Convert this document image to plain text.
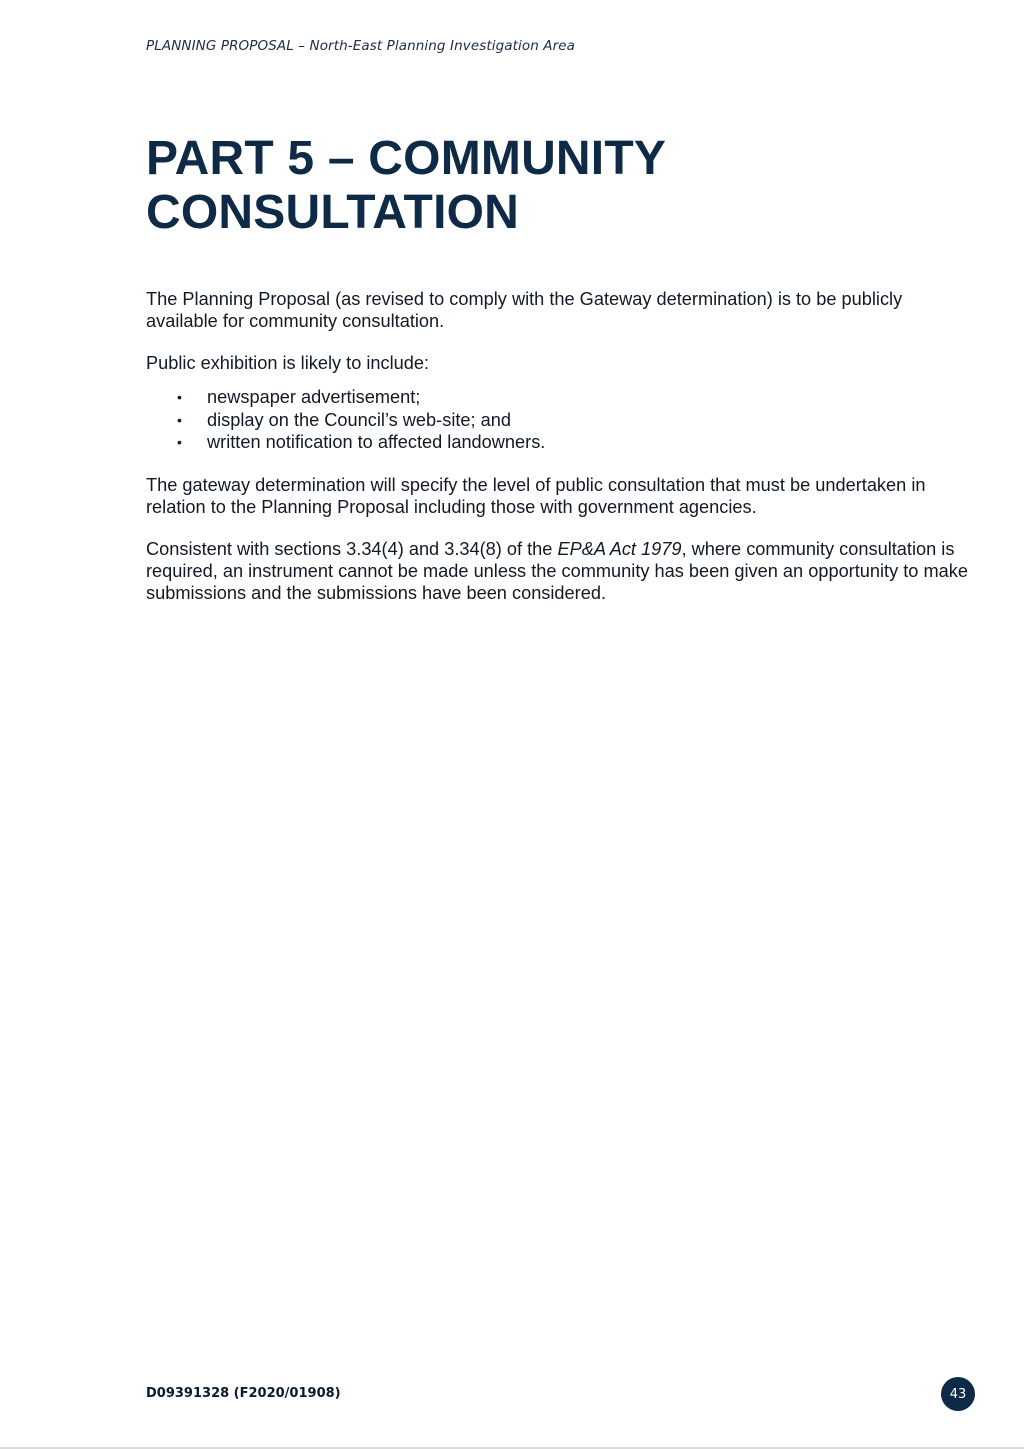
PLANNING PROPOSAL – North-East Planning Investigation Area
PART 5 – COMMUNITY
CONSULTATION

The Planning Proposal (as revised to comply with the Gateway determination) is to be publicly available for community consultation.

Public exhibition is likely to include:

• newspaper advertisement;
• display on the Council’s web-site; and
• written notification to affected landowners.

The gateway determination will specify the level of public consultation that must be undertaken in relation to the Planning Proposal including those with government agencies.

Consistent with sections 3.34(4) and 3.34(8) of the EP&A Act 1979, where community consultation is required, an instrument cannot be made unless the community has been given an opportunity to make submissions and the submissions have been considered.

D09391328 (F2020/01908)	43
